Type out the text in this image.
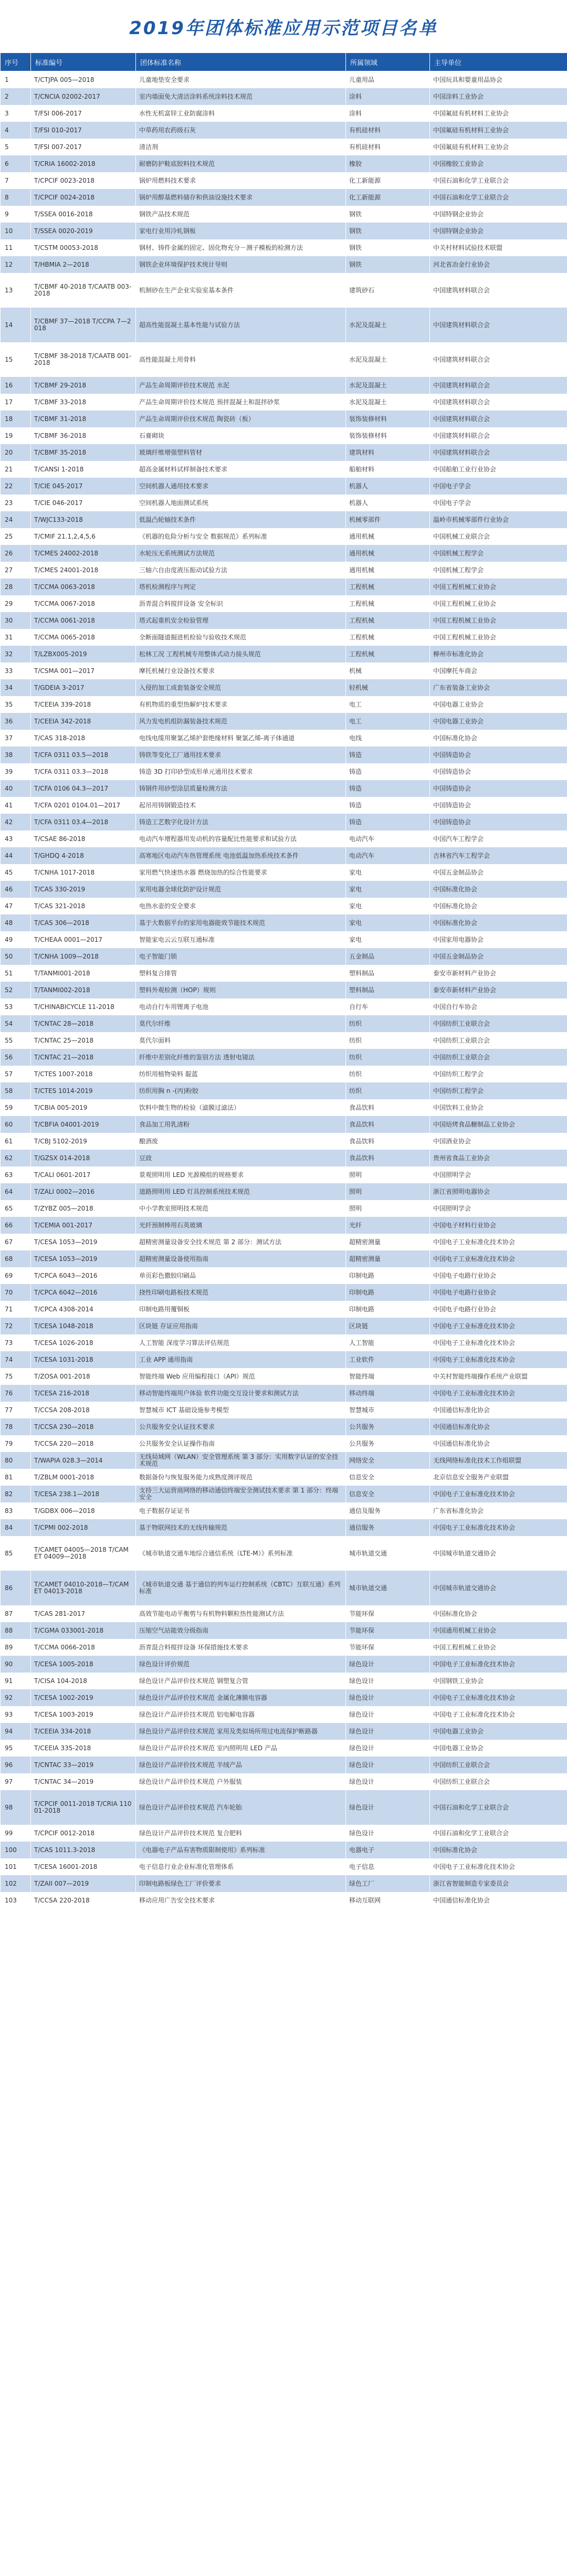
2019年团体标准应用示范项目名单
序号	标准编号	团体标准名称	所属领域	主导单位
1	T/CTJPA 005—2018	儿童地垫安全要求	儿童用品	中国玩具和婴童用品协会
2	T/CNCIA 02002-2017	室内墙面免大清洁涂料系统涂料技术规范	涂料	中国涂料工业协会
3	T/FSI 006-2017	水性无机富锌工业防腐涂料	涂料	中国氟硅有机材料工业协会
4	T/FSI 010-2017	中草药用农药级石灰	有机硅材料	中国氟硅有机材料工业协会
5	T/FSI 007-2017	清洁剂	有机硅材料	中国氟硅有机材料工业协会
6	T/CRIA 16002-2018	耐磨防护鞋底胶料技术规范	橡胶	中国橡胶工业协会
7	T/CPCIF 0023-2018	锅炉用燃料技术要求	化工新能源	中国石油和化学工业联合会
8	T/CPCIF 0024-2018	锅炉用醇基燃料储存和供油设施技术要求	化工新能源	中国石油和化学工业联合会
9	T/SSEA 0016-2018	钢铁产品技术规范	钢铁	中国特钢企业协会
10	T/SSEA 0020-2019	家电行业用冷轧钢板	钢铁	中国特钢企业协会
11	T/CSTM 00053-2018	钢材、铸件金属的固定、固化物充分－测子模板的检测方法	钢铁	中关村材料试验技术联盟
12	T/HBMIA 2—2018	钢铁企业环境保护技术统计导则	钢铁	河北省冶金行业协会
13	T/CBMF 40-2018 T/CAATB 003-2018	机制砂在生产企业实验室基本条件	建筑砂石	中国建筑材料联合会
14	T/CBMF 37—2018 T/CCPA 7—2018	超高性能混凝土基本性能与试验方法	水泥及混凝土	中国建筑材料联合会
15	T/CBMF 38-2018 T/CAATB 001-2018	高性能混凝土用骨料	水泥及混凝土	中国建筑材料联合会
16	T/CBMF 29-2018	产品生命周期评价技术规范 水泥	水泥及混凝土	中国建筑材料联合会
17	T/CBMF 33-2018	产品生命周期评价技术规范 预拌混凝土和混拌砂浆	水泥及混凝土	中国建筑材料联合会
18	T/CBMF 31-2018	产品生命周期评价技术规范 陶瓷砖（板）	装饰装修材料	中国建筑材料联合会
19	T/CBMF 36-2018	石膏砌块	装饰装修材料	中国建筑材料联合会
20	T/CBMF 35-2018	玻璃纤维增强塑料管材	建筑材料	中国建筑材料联合会
21	T/CANSI 1-2018	超高金属材料试样制备技术要求	船舶材料	中国船舶工业行业协会
22	T/CIE 045-2017	空间机器人通用技术要求	机器人	中国电子学会
23	T/CIE 046-2017	空间机器人地面测试系统	机器人	中国电子学会
24	T/WJC133-2018	低温凸轮轴技术条件	机械零部件	温岭市机械零部件行业协会
25	T/CMIF 21.1,2,4,5,6	《机器的危险分析与安全 数据规范》系列标准	通用机械	中国机械工业联合会
26	T/CMES 24002-2018	水轮压无系统测试方法规范	通用机械	中国机械工程学会
27	T/CMES 24001-2018	三轴六自由度液压振动试验方法	通用机械	中国机械工程学会
28	T/CCMA 0063-2018	塔机检测程序与判定	工程机械	中国工程机械工业协会
29	T/CCMA 0067-2018	沥青混合料搅拌设备 安全标识	工程机械	中国工程机械工业协会
30	T/CCMA 0061-2018	塔式起重机安全检验管理	工程机械	中国工程机械工业协会
31	T/CCMA 0065-2018	全断面隧道掘进机检验与验收技术规范	工程机械	中国工程机械工业协会
32	T/LZBX005-2019	松林工况 工程机械专用整体式动力接头规范	工程机械	柳州市标准化协会
33	T/CSMA 001—2017	摩托机械行业设备技术要求	机械	中国摩托车商会
34	T/GDEIA 3-2017	入侵的加工成套装备安全规范	轻机械	广东省装备工业协会
35	T/CEEIA 339-2018	有机物质的重型热解炉技术要求	电工	中国电器工业协会
36	T/CEEIA 342-2018	风力发电机组防漏装备技术规范	电工	中国电器工业协会
37	T/CAS 318-2018	电线电缆用聚氯乙烯护套绝缘材料 聚氯乙烯-离子体通道	电线	中国标准化协会
38	T/CFA 0311 03.5—2018	铸铁等变化工厂通用技术要求	铸造	中国铸造协会
39	T/CFA 0311 03.3—2018	铸造 3D 打印砂型成形单元通用技术要求	铸造	中国铸造协会
40	T/CFA 0106 04.3—2017	铸钢件用砂型涂层质量检测方法	铸造	中国铸造协会
41	T/CFA 0201 0104.01—2017	起吊用铸钢锻造技术	铸造	中国铸造协会
42	T/CFA 0311 03.4—2018	铸造工艺数字化设计方法	铸造	中国铸造协会
43	T/CSAE 86-2018	电动汽车增程器用发动机的容量配比性能要求和试验方法	电动汽车	中国汽车工程学会
44	T/GHDQ 4-2018	高寒地区电动汽车热管理系统 电池低温加热系统技术条件	电动汽车	吉林省汽车工程学会
45	T/CNHA 1017-2018	家用燃气快速热水器 燃烧加热的综合性能要求	家电	中国五金制品协会
46	T/CAS 330-2019	家用电器全球化防护设计规范	家电	中国标准化协会
47	T/CAS 321-2018	电热水壶的安全要求	家电	中国标准化协会
48	T/CAS 306—2018	基于大数据平台的家用电器能效节能技术规范	家电	中国标准化协会
49	T/CHEAA 0001—2017	智能家电云云互联互通标准	家电	中国家用电器协会
50	T/CNHA 1009—2018	电子智能门锁	五金制品	中国五金制品协会
51	T/TANMI001-2018	塑料复合排管	塑料制品	泰安市新材料产业协会
52	T/TANMI002-2018	塑料外观检测（HOP）规则	塑料制品	泰安市新材料产业协会
53	T/CHINABICYCLE 11-2018	电动自行车用锂离子电池	自行车	中国自行车协会
54	T/CNTAC 28—2018	莫代尔纤维	纺织	中国纺织工业联合会
55	T/CNTAC 25—2018	莫代尔面料	纺织	中国纺织工业联合会
56	T/CNTAC 21—2018	纤维中差别化纤维的鉴别方法 透射电镜法	纺织	中国纺织工业联合会
57	T/CTES 1007-2018	纺织用植物染料 靛蓝	纺织	中国纺织工程学会
58	T/CTES 1014-2019	纺织用胸 n -(丙)粉胶	纺织	中国纺织工程学会
59	T/CBIA 005-2019	饮料中微生物的检验（滤膜过滤法）	食品饮料	中国饮料工业协会
60	T/CBFIA 04001-2019	食品加工用乳清粉	食品饮料	中国焙烤食品糖制品工业协会
61	T/CBJ 5102-2019	酿酒废	食品饮料	中国酒业协会
62	T/GZSX 014-2018	豆豉	食品饮料	贵州省食品工业协会
63	T/CALI 0601-2017	景观照明用 LED 光源模组的规格要求	照明	中国照明学会
64	T/ZALI 0002—2016	道路照明用 LED 灯具控制系统技术规范	照明	浙江省照明电器协会
65	T/ZYBZ 005—2018	中小学教室照明技术规范	照明	中国照明学会
66	T/CEMIA 001-2017	光纤预制棒用石英玻璃	光纤	中国电子材料行业协会
67	T/CESA 1053—2019	超精密测量设备安全技术规范 第 2 部分：测试方法	超精密测量	中国电子工业标准化技术协会
68	T/CESA 1053—2019	超精密测量设备使用指南	超精密测量	中国电子工业标准化技术协会
69	T/CPCA 6043—2016	单页彩色撒胶印刷品	印制电路	中国电子电路行业协会
70	T/CPCA 6042—2016	挠性印刷电路板技术规范	印制电路	中国电子电路行业协会
71	T/CPCA 4308-2014	印制电路用覆铜板	印制电路	中国电子电路行业协会
72	T/CESA 1048-2018	区块链 存证应用指南	区块链	中国电子工业标准化技术协会
73	T/CESA 1026-2018	人工智能 深度学习算法评估规范	人工智能	中国电子工业标准化技术协会
74	T/CESA 1031-2018	工业 APP 通用指南	工业软件	中国电子工业标准化技术协会
75	T/ZOSA 001-2018	智能终端 Web 应用编程接口（API）规范	智能终端	中关村智能终端操作系统产业联盟
76	T/CESA 216-2018	移动智能终端用户体验 软件功能交互设计要求和测试方法	移动终端	中国电子工业标准化技术协会
77	T/CCSA 208-2018	智慧城市 ICT 基础设施参考模型	智慧城市	中国通信标准化协会
78	T/CCSA 230—2018	公共服务安全认证技术要求	公共服务	中国通信标准化协会
79	T/CCSA 220—2018	公共服务安全认证操作指南	公共服务	中国通信标准化协会
80	T/WAPIA 028.3—2014	无线局域网（WLAN）安全管理系统 第 3 部分：实用数字认证的安全技术规范	网络安全	无线网络标准化技术工作组联盟
81	T/ZBLM 0001-2018	数据备份与恢复服务能力成熟度测评规范	信息安全	北京信息安全服务产业联盟
82	T/CESA 238.1—2018	支持三大运营商网络的移动通信终端安全测试技术要求 第 1 部分：终端安全	信息安全	中国电子工业标准化技术协会
83	T/GDBX 006—2018	电子数据存证证书	通信及服务	广东省标准化协会
84	T/CPMI 002-2018	基于物联网技术的无线传输规范	通信服务	中国电子工业标准化技术协会
85	T/CAMET 04005—2018 T/CAMET 04009—2018	《城市轨道交通车地综合通信系统（LTE-M）》系列标准	城市轨道交通	中国城市轨道交通协会
86	T/CAMET 04010-2018—T/CAMET 04013-2018	《城市轨道交通 基于通信的列车运行控制系统（CBTC）互联互通》系列标准	城市轨道交通	中国城市轨道交通协会
87	T/CAS 281-2017	高效节能电动平衡剪与有机物料颗粒热性能测试方法	节能环保	中国标准化协会
88	T/CGMA 033001-2018	压缩空气站能效分级指南	节能环保	中国通用机械工业协会
89	T/CCMA 0066-2018	沥青混合料搅拌设备 环保措施技术要求	节能环保	中国工程机械工业协会
90	T/CESA 1005-2018	绿色设计评价规范	绿色设计	中国电子工业标准化技术协会
91	T/CISA 104-2018	绿色设计产品评价技术规范 钢塑复合管	绿色设计	中国钢铁工业协会
92	T/CESA 1002-2019	绿色设计产品评价技术规范 金属化薄膜电容器	绿色设计	中国电子工业标准化技术协会
93	T/CESA 1003-2019	绿色设计产品评价技术规范 铝电解电容器	绿色设计	中国电子工业标准化技术协会
94	T/CEEIA 334-2018	绿色设计产品评价技术规范 家用及类似场所用过电流保护断路器	绿色设计	中国电器工业协会
95	T/CEEIA 335-2018	绿色设计产品评价技术规范 室内照明用 LED 产品	绿色设计	中国电器工业协会
96	T/CNTAC 33—2019	绿色设计产品评价技术规范 羊绒产品	绿色设计	中国纺织工业联合会
97	T/CNTAC 34—2019	绿色设计产品评价技术规范 户外服装	绿色设计	中国纺织工业联合会
98	T/CPCIF 0011-2018 T/CRIA 11001-2018	绿色设计产品评价技术规范 汽车轮胎	绿色设计	中国石油和化学工业联合会
99	T/CPCIF 0012-2018	绿色设计产品评价技术规范 复合肥料	绿色设计	中国石油和化学工业联合会
100	T/CAS 1011.3-2018	《电器电子产品有害物质限制使用》系列标准	电器电子	中国标准化协会
101	T/CESA 16001-2018	电子信息行业企业标准化管理体系	电子信息	中国电子工业标准化技术协会
102	T/ZAII 007—2019	印制电路板绿色工厂评价要求	绿色工厂	浙江省智能制造专家委员会
103	T/CCSA 220-2018	移动应用广告安全技术要求	移动互联网	中国通信标准化协会
